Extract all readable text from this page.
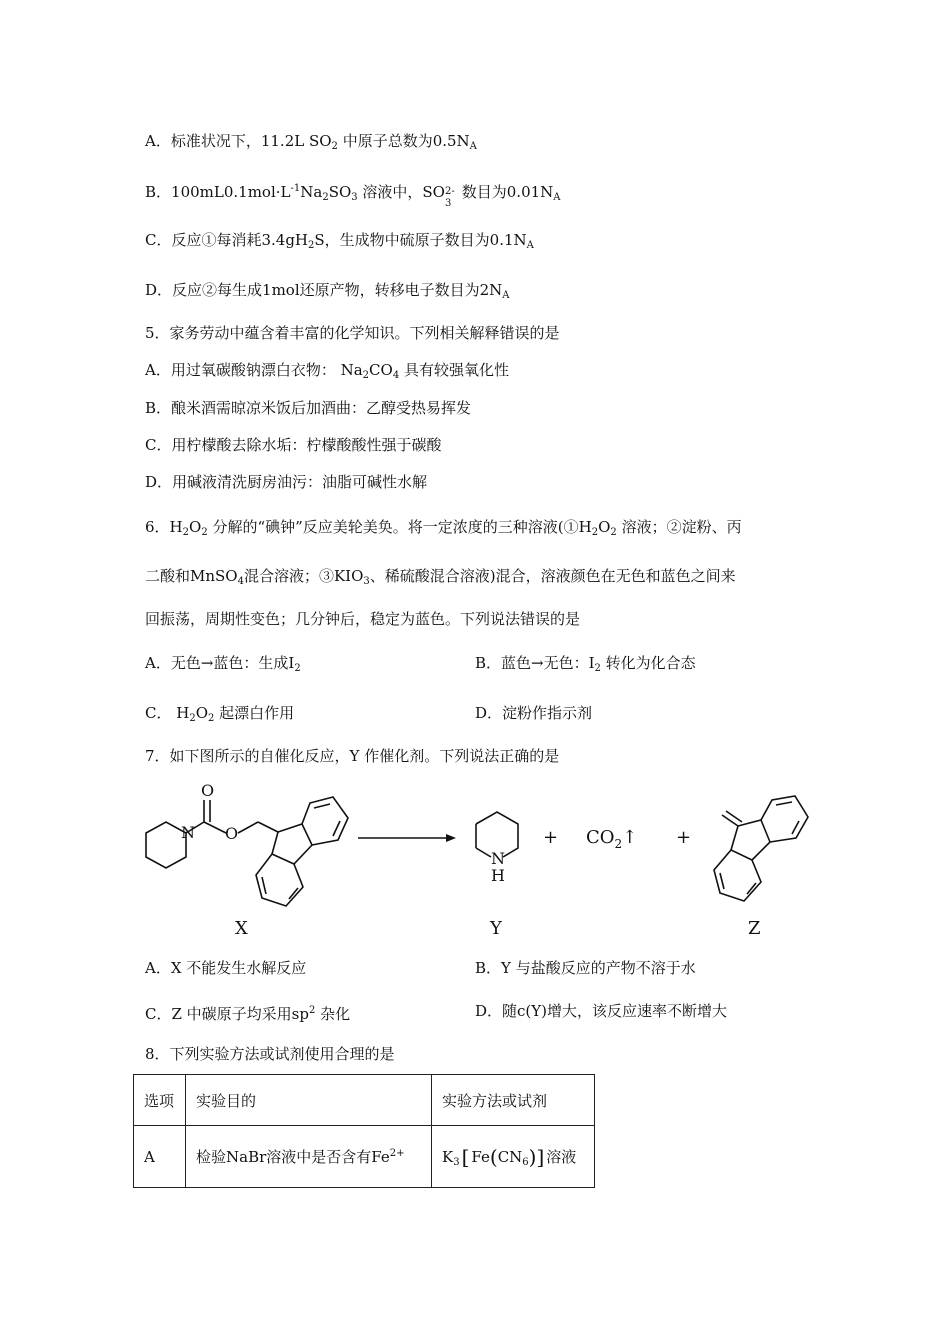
A．标准状况下，11.2L $SO_2$ 中原子总数为$0.5N_A$
B．$100mL0.1mol\cdot L^{-1}Na_2SO_3$ 溶液中，SO 2-
3
数目为$0.01N_A$
C．反应①每消耗$3.4gH_2S$，生成物中硫原子数目为$0.1N_A$
D．反应②每生成1mol还原产物，转移电子数目为$2N_A$
5．家务劳动中蕴含着丰富的化学知识。下列相关解释错误的是
A．用过氧碳酸钠漂白衣物： $Na_2CO_4$ 具有较强氧化性
B．酿米酒需晾凉米饭后加酒曲：乙醇受热易挥发
C．用柠檬酸去除水垢：柠檬酸酸性强于碳酸
D．用碱液清洗厨房油污：油脂可碱性水解
6．$H_2O_2$ 分解的“碘钟”反应美轮美奂。将一定浓度的三种溶液($①H_2O_2$ 溶液；②淀粉、丙
二酸和MnSO$_4$混合溶液；$③KIO_3$、稀硫酸混合溶液)混合，溶液颜色在无色和蓝色之间来
回振荡，周期性变色；几分钟后，稳定为蓝色。下列说法错误的是
A．无色→蓝色：生成$I_2$	B．蓝色→无色：$I_2$ 转化为化合态
C． $H_2O_2$ 起漂白作用	D．淀粉作指示剂
7．如下图所示的自催化反应，Y 作催化剂。下列说法正确的是
N
O
O
N
H
+ $CO_2↑$ +
X	Y	Z
A．X 不能发生水解反应	B．Y 与盐酸反应的产物不溶于水
C．Z 中碳原子均采用$sp^2$ 杂化	D．随c(Y)增大，该反应速率不断增大
8．下列实验方法或试剂使用合理的是
选项	实验目的	实验方法或试剂
A	检验NaBr溶液中是否含有$Fe^{2+}$	$K_3$ [ $Fe(CN_6)$] 溶液
